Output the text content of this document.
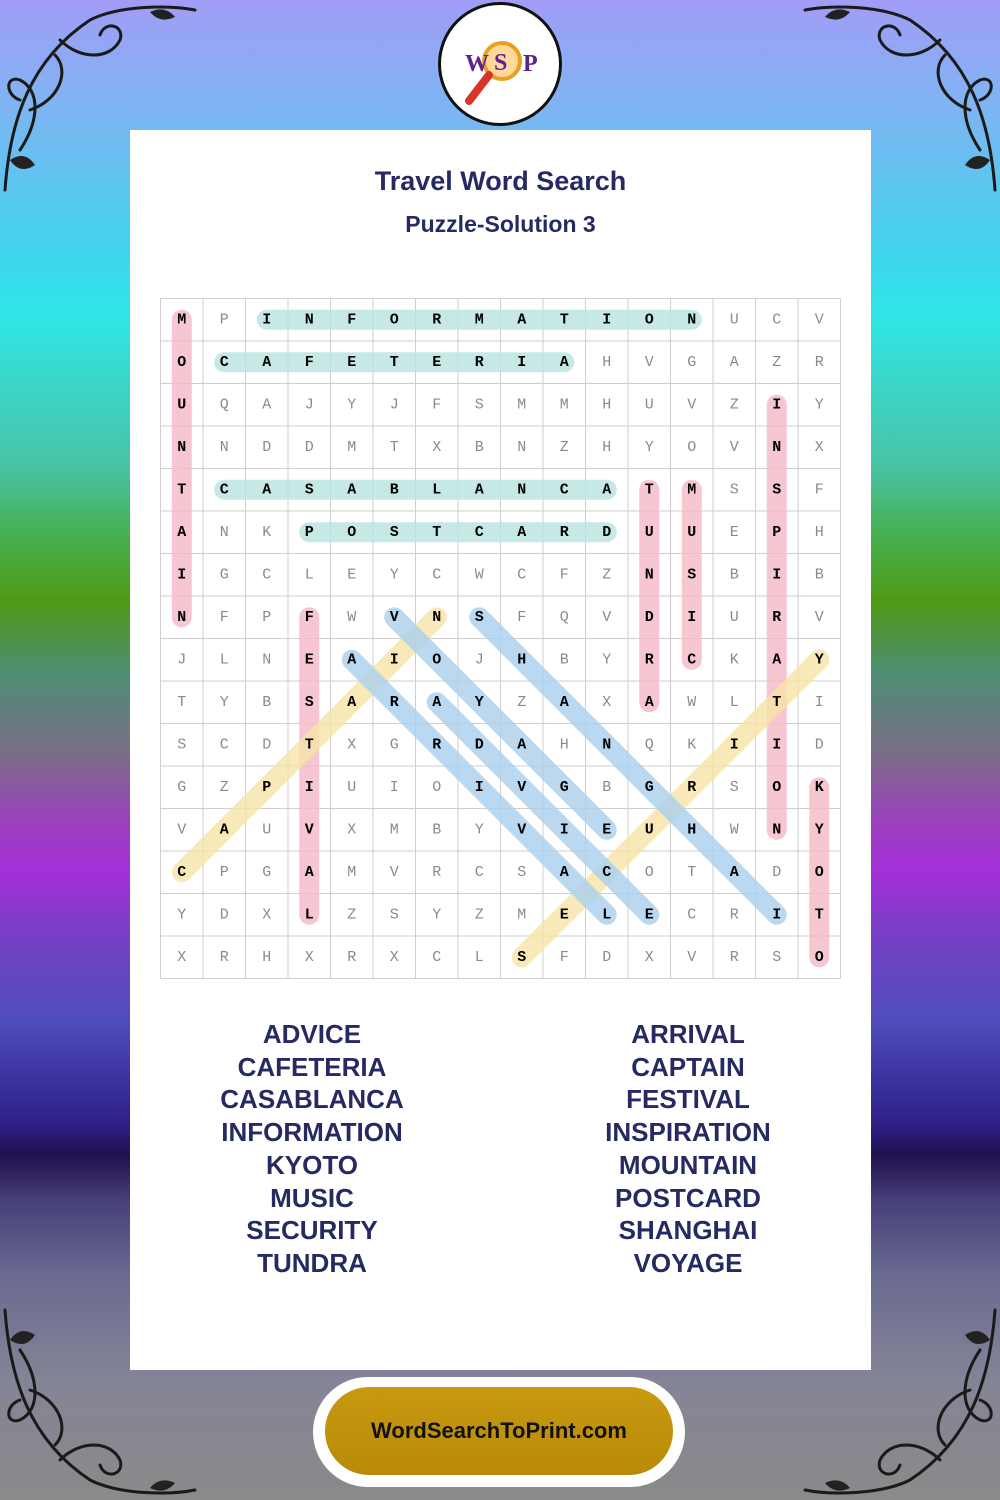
W S P
Travel Word Search
Puzzle-Solution 3
M P I N F O R M A T I O N U C V
O C A F E T E R I A H V G A Z R
U Q A J Y J F S M M H U V Z I Y
N N D D M T X B N Z H Y O V N X
T C A S A B L A N C A T M S S F
A N K P O S T C A R D U U E P H
I G C L E Y C W C F Z N S B I B
N F P F W V N S F Q V D I U R V
J L N E A I O J H B Y R C K A Y
T Y B S A R A Y Z A X A W L T I
S C D T X G R D A H N Q K I I D
G Z P I U I O I V G B G R S O K
V A U V X M B Y V I E U H W N Y
C P G A M V R C S A C O T A D O
Y D X L Z S Y Z M E L E C R I T
X R H X R X C L S F D X V R S O
ADVICE
CAFETERIA
CASABLANCA
INFORMATION
KYOTO
MUSIC
SECURITY
TUNDRA
ARRIVAL
CAPTAIN
FESTIVAL
INSPIRATION
MOUNTAIN
POSTCARD
SHANGHAI
VOYAGE
WordSearchToPrint.com
